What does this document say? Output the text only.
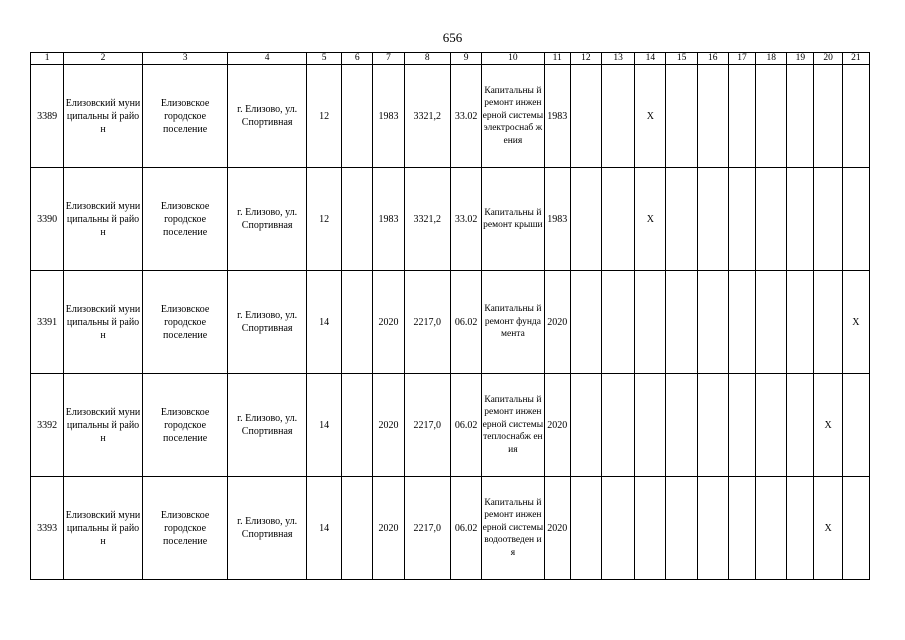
656
1	2	3	4	5	6	7	8	9	10	11	12	13	14	15	16	17	18	19	20	21
3389	Елизовский муниципальны й район	Елизовское городское поселение	г. Елизово, ул. Спортивная	12		1983	3321,2	33.02	Капитальны й ремонт инженерной системы электроснаб жения	1983			X							
3390	Елизовский муниципальны й район	Елизовское городское поселение	г. Елизово, ул. Спортивная	12		1983	3321,2	33.02	Капитальны й ремонт крыши	1983			X							
3391	Елизовский муниципальны й район	Елизовское городское поселение	г. Елизово, ул. Спортивная	14		2020	2217,0	06.02	Капитальны й ремонт фундамента	2020										X
3392	Елизовский муниципальны й район	Елизовское городское поселение	г. Елизово, ул. Спортивная	14		2020	2217,0	06.02	Капитальны й ремонт инженерной системы теплоснабж ения	2020									X	
3393	Елизовский муниципальны й район	Елизовское городское поселение	г. Елизово, ул. Спортивная	14		2020	2217,0	06.02	Капитальны й ремонт инженерной системы водоотведен ия	2020									X	
